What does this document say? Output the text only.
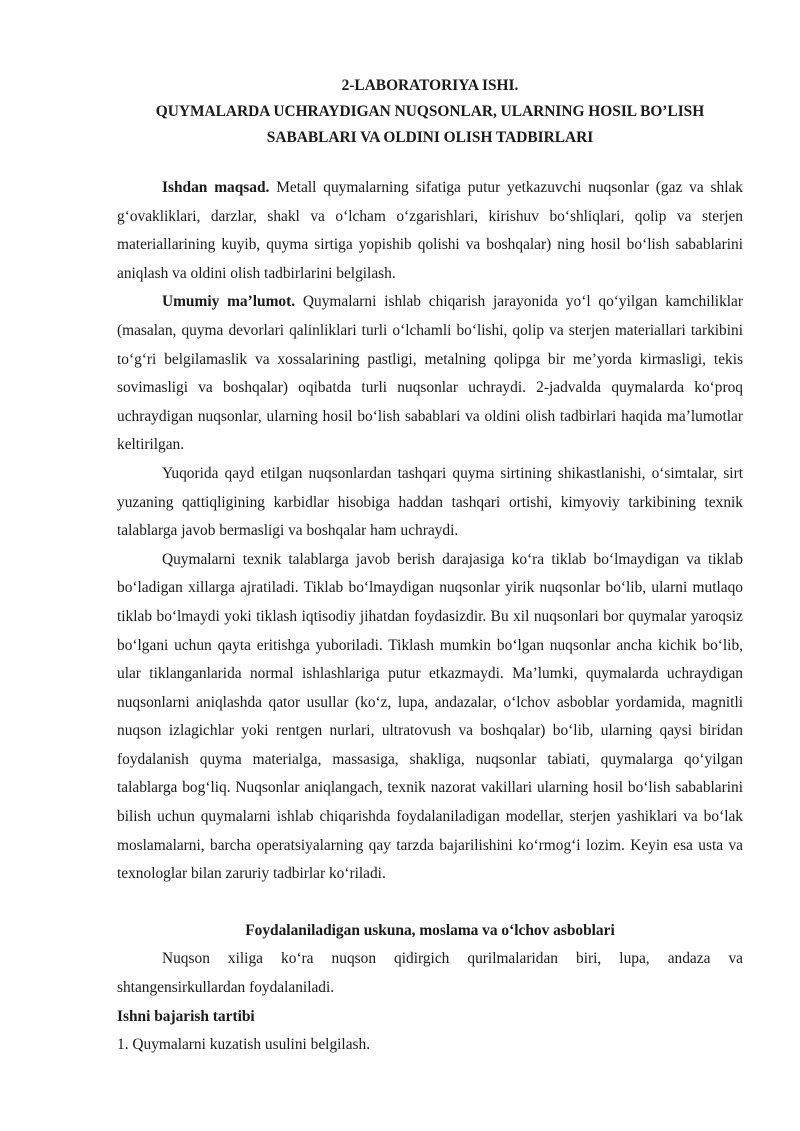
2-LABORATORIYA ISHI.
QUYMALARDA UCHRAYDIGAN NUQSONLAR, ULARNING HOSIL BO’LISH
SABABLARI VA OLDINI OLISH TADBIRLARI

Ishdan maqsad. Metall quymalarning sifatiga putur yetkazuvchi nuqsonlar (gaz va shlak g‘ovakliklari, darzlar, shakl va o‘lcham o‘zgarishlari, kirishuv bo‘shliqlari, qolip va sterjen materiallarining kuyib, quyma sirtiga yopishib qolishi va boshqalar) ning hosil bo‘lish sabablarini aniqlash va oldini olish tadbirlarini belgilash.

Umumiy ma’lumot. Quymalarni ishlab chiqarish jarayonida yo‘l qo‘yilgan kamchiliklar (masalan, quyma devorlari qalinliklari turli o‘lchamli bo‘lishi, qolip va sterjen materiallari tarkibini to‘g‘ri belgilamaslik va xossalarining pastligi, metalning qolipga bir me’yorda kirmasligi, tekis sovimasligi va boshqalar) oqibatda turli nuqsonlar uchraydi. 2-jadvalda quymalarda ko‘proq uchraydigan nuqsonlar, ularning hosil bo‘lish sabablari va oldini olish tadbirlari haqida ma’lumotlar keltirilgan.

Yuqorida qayd etilgan nuqsonlardan tashqari quyma sirtining shikastlanishi, o‘simtalar, sirt yuzaning qattiqligining karbidlar hisobiga haddan tashqari ortishi, kimyoviy tarkibining texnik talablarga javob bermasligi va boshqalar ham uchraydi.

Quymalarni texnik talablarga javob berish darajasiga ko‘ra tiklab bo‘lmaydigan va tiklab bo‘ladigan xillarga ajratiladi. Tiklab bo‘lmaydigan nuqsonlar yirik nuqsonlar bo‘lib, ularni mutlaqo tiklab bo‘lmaydi yoki tiklash iqtisodiy jihatdan foydasizdir. Bu xil nuqsonlari bor quymalar yaroqsiz bo‘lgani uchun qayta eritishga yuboriladi. Tiklash mumkin bo‘lgan nuqsonlar ancha kichik bo‘lib, ular tiklanganlarida normal ishlashlariga putur etkazmaydi. Ma’lumki, quymalarda uchraydigan nuqsonlarni aniqlashda qator usullar (ko‘z, lupa, andazalar, o‘lchov asboblar yordamida, magnitli nuqson izlagichlar yoki rentgen nurlari, ultratovush va boshqalar) bo‘lib, ularning qaysi biridan foydalanish quyma materialga, massasiga, shakliga, nuqsonlar tabiati, quymalarga qo‘yilgan talablarga bog‘liq. Nuqsonlar aniqlangach, texnik nazorat vakillari ularning hosil bo‘lish sabablarini bilish uchun quymalarni ishlab chiqarishda foydalaniladigan modellar, sterjen yashiklari va bo‘lak moslamalarni, barcha operatsiyalarning qay tarzda bajarilishini ko‘rmog‘i lozim. Keyin esa usta va texnologlar bilan zaruriy tadbirlar ko‘riladi.

Foydalaniladigan uskuna, moslama va o‘lchov asboblari

Nuqson xiliga ko‘ra nuqson qidirgich qurilmalaridan biri, lupa, andaza va shtangensirkullardan foydalaniladi.

Ishni bajarish tartibi
1. Quymalarni kuzatish usulini belgilash.
